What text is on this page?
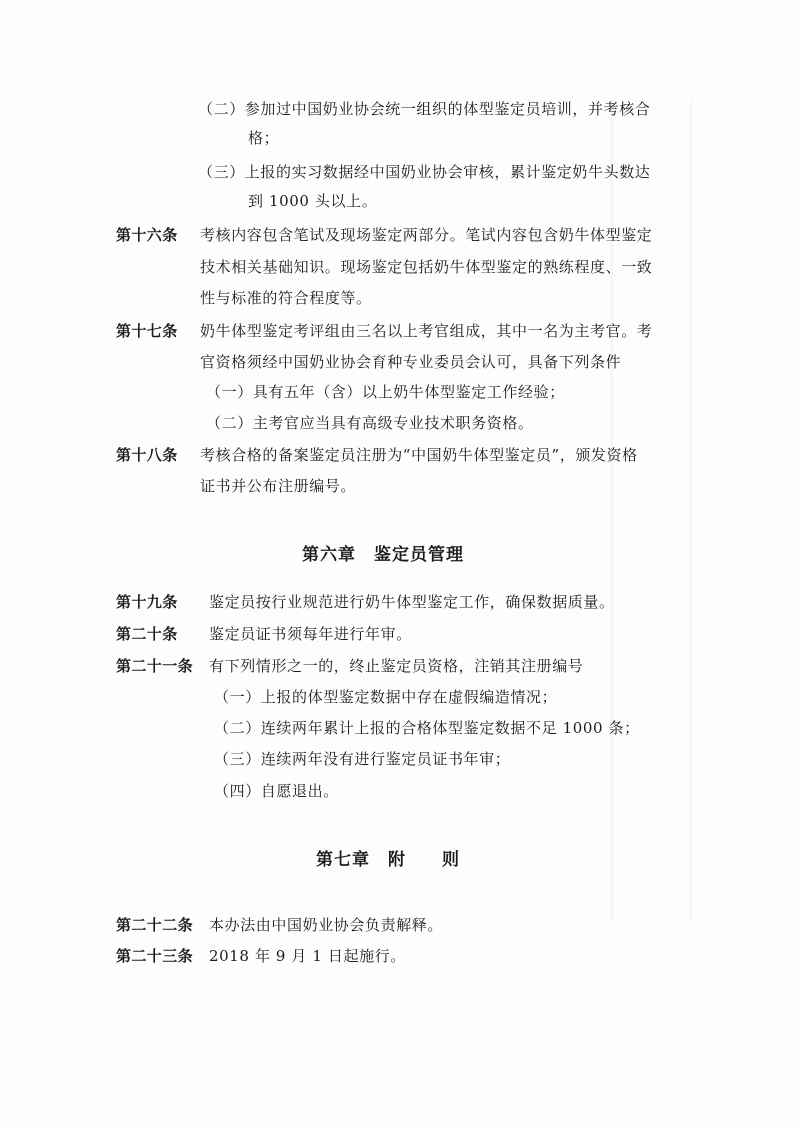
（二）参加过中国奶业协会统一组织的体型鉴定员培训，并考核合
格；
（三）上报的实习数据经中国奶业协会审核，累计鉴定奶牛头数达
到 1000 头以上。
第十六条 考核内容包含笔试及现场鉴定两部分。笔试内容包含奶牛体型鉴定
技术相关基础知识。现场鉴定包括奶牛体型鉴定的熟练程度、一致
性与标准的符合程度等。
第十七条 奶牛体型鉴定考评组由三名以上考官组成，其中一名为主考官。考
官资格须经中国奶业协会育种专业委员会认可，具备下列条件
（一）具有五年（含）以上奶牛体型鉴定工作经验；
（二）主考官应当具有高级专业技术职务资格。
第十八条 考核合格的备案鉴定员注册为“中国奶牛体型鉴定员”，颁发资格
证书并公布注册编号。
第六章　鉴定员管理
第十九条 鉴定员按行业规范进行奶牛体型鉴定工作，确保数据质量。
第二十条 鉴定员证书须每年进行年审。
第二十一条 有下列情形之一的，终止鉴定员资格，注销其注册编号
（一）上报的体型鉴定数据中存在虚假编造情况；
（二）连续两年累计上报的合格体型鉴定数据不足 1000 条；
（三）连续两年没有进行鉴定员证书年审；
（四）自愿退出。
第七章　附　　则
第二十二条 本办法由中国奶业协会负责解释。
第二十三条 2018 年 9 月 1 日起施行。
